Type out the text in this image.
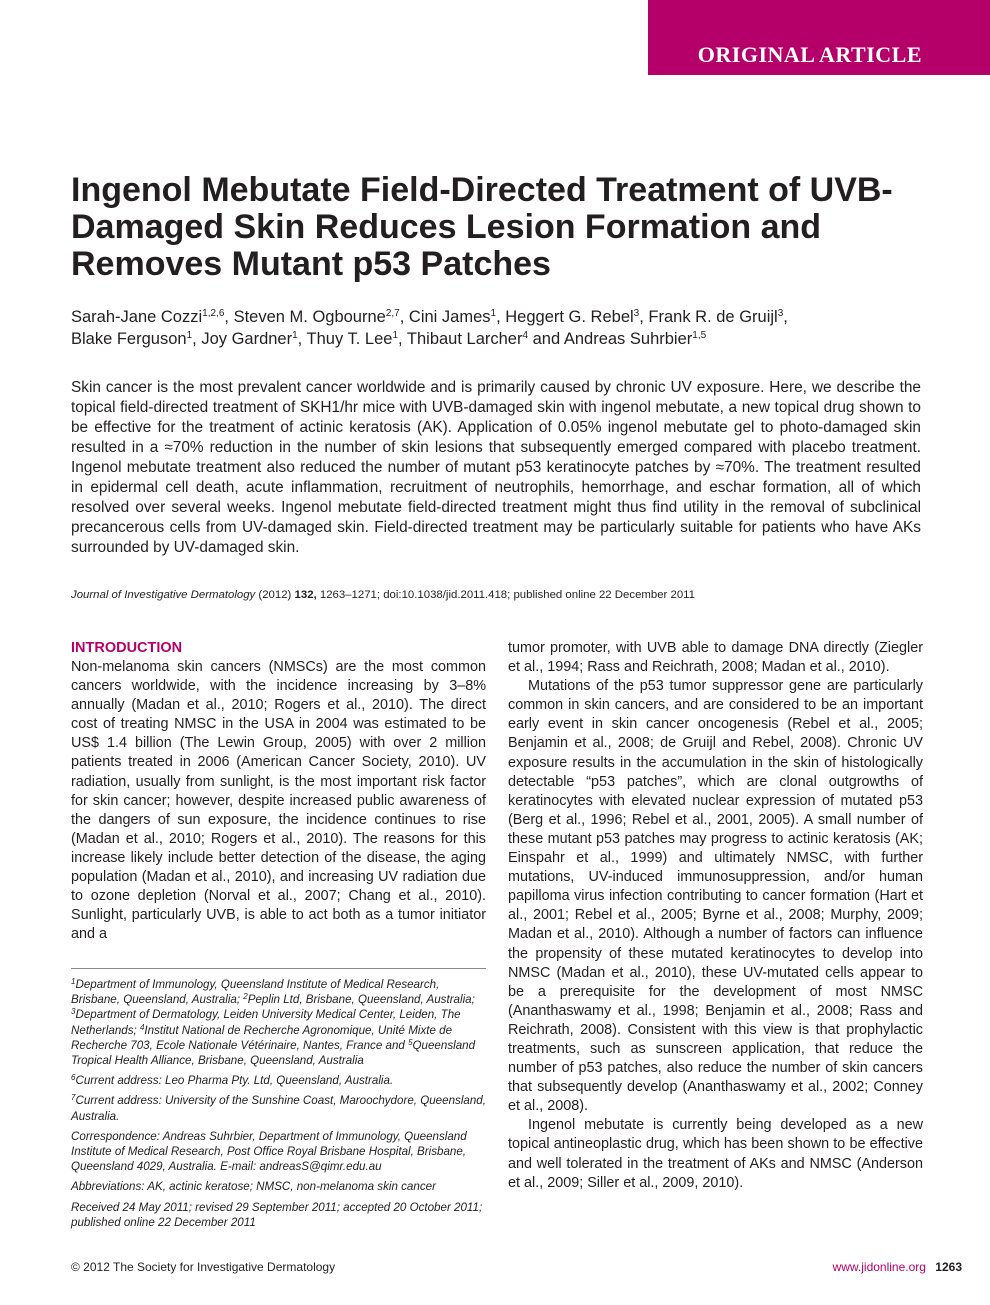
ORIGINAL ARTICLE
Ingenol Mebutate Field-Directed Treatment of UVB-Damaged Skin Reduces Lesion Formation and Removes Mutant p53 Patches

Sarah-Jane Cozzi$^{1,2,6}$, Steven M. Ogbourne$^{2,7}$, Cini James$^1$, Heggert G. Rebel$^3$, Frank R. de Gruijl$^3$,
Blake Ferguson$^1$, Joy Gardner$^1$, Thuy T. Lee$^1$, Thibaut Larcher$^4$ and Andreas Suhrbier$^{1,5}$

Skin cancer is the most prevalent cancer worldwide and is primarily caused by chronic UV exposure. Here, we describe the topical field-directed treatment of SKH1/hr mice with UVB-damaged skin with ingenol mebutate, a new topical drug shown to be effective for the treatment of actinic keratosis (AK). Application of 0.05% ingenol mebutate gel to photo-damaged skin resulted in a ≈70% reduction in the number of skin lesions that subsequently emerged compared with placebo treatment. Ingenol mebutate treatment also reduced the number of mutant p53 keratinocyte patches by ≈70%. The treatment resulted in epidermal cell death, acute inflammation, recruitment of neutrophils, hemorrhage, and eschar formation, all of which resolved over several weeks. Ingenol mebutate field-directed treatment might thus find utility in the removal of subclinical precancerous cells from UV-damaged skin. Field-directed treatment may be particularly suitable for patients who have AKs surrounded by UV-damaged skin.

Journal of Investigative Dermatology (2012) 132, 1263–1271; doi:10.1038/jid.2011.418; published online 22 December 2011

INTRODUCTION

Non-melanoma skin cancers (NMSCs) are the most common cancers worldwide, with the incidence increasing by 3–8% annually (Madan et al., 2010; Rogers et al., 2010). The direct cost of treating NMSC in the USA in 2004 was estimated to be US$ 1.4 billion (The Lewin Group, 2005) with over 2 million patients treated in 2006 (American Cancer Society, 2010). UV radiation, usually from sunlight, is the most important risk factor for skin cancer; however, despite increased public awareness of the dangers of sun exposure, the incidence continues to rise (Madan et al., 2010; Rogers et al., 2010). The reasons for this increase likely include better detection of the disease, the aging population (Madan et al., 2010), and increasing UV radiation due to ozone depletion (Norval et al., 2007; Chang et al., 2010). Sunlight, particularly UVB, is able to act both as a tumor initiator and a

$^1$Department of Immunology, Queensland Institute of Medical Research, Brisbane, Queensland, Australia; $^2$Peplin Ltd, Brisbane, Queensland, Australia; $^3$Department of Dermatology, Leiden University Medical Center, Leiden, The Netherlands; $^4$Institut National de Recherche Agronomique, Unité Mixte de Recherche 703, Ecole Nationale Vétérinaire, Nantes, France and $^5$Queensland Tropical Health Alliance, Brisbane, Queensland, Australia

$^6$Current address: Leo Pharma Pty. Ltd, Queensland, Australia.

$^7$Current address: University of the Sunshine Coast, Maroochydore, Queensland, Australia.

Correspondence: Andreas Suhrbier, Department of Immunology, Queensland Institute of Medical Research, Post Office Royal Brisbane Hospital, Brisbane, Queensland 4029, Australia. E-mail: andreasS@qimr.edu.au

Abbreviations: AK, actinic keratose; NMSC, non-melanoma skin cancer

Received 24 May 2011; revised 29 September 2011; accepted 20 October 2011; published online 22 December 2011

tumor promoter, with UVB able to damage DNA directly (Ziegler et al., 1994; Rass and Reichrath, 2008; Madan et al., 2010).

Mutations of the p53 tumor suppressor gene are particularly common in skin cancers, and are considered to be an important early event in skin cancer oncogenesis (Rebel et al., 2005; Benjamin et al., 2008; de Gruijl and Rebel, 2008). Chronic UV exposure results in the accumulation in the skin of histologically detectable “p53 patches”, which are clonal outgrowths of keratinocytes with elevated nuclear expression of mutated p53 (Berg et al., 1996; Rebel et al., 2001, 2005). A small number of these mutant p53 patches may progress to actinic keratosis (AK; Einspahr et al., 1999) and ultimately NMSC, with further mutations, UV-induced immunosuppression, and/or human papilloma virus infection contributing to cancer formation (Hart et al., 2001; Rebel et al., 2005; Byrne et al., 2008; Murphy, 2009; Madan et al., 2010). Although a number of factors can influence the propensity of these mutated keratinocytes to develop into NMSC (Madan et al., 2010), these UV-mutated cells appear to be a prerequisite for the development of most NMSC (Ananthaswamy et al., 1998; Benjamin et al., 2008; Rass and Reichrath, 2008). Consistent with this view is that prophylactic treatments, such as sunscreen application, that reduce the number of p53 patches, also reduce the number of skin cancers that subsequently develop (Ananthaswamy et al., 2002; Conney et al., 2008).

Ingenol mebutate is currently being developed as a new topical antineoplastic drug, which has been shown to be effective and well tolerated in the treatment of AKs and NMSC (Anderson et al., 2009; Siller et al., 2009, 2010).

© 2012 The Society for Investigative Dermatology	www.jidonline.org 1263
